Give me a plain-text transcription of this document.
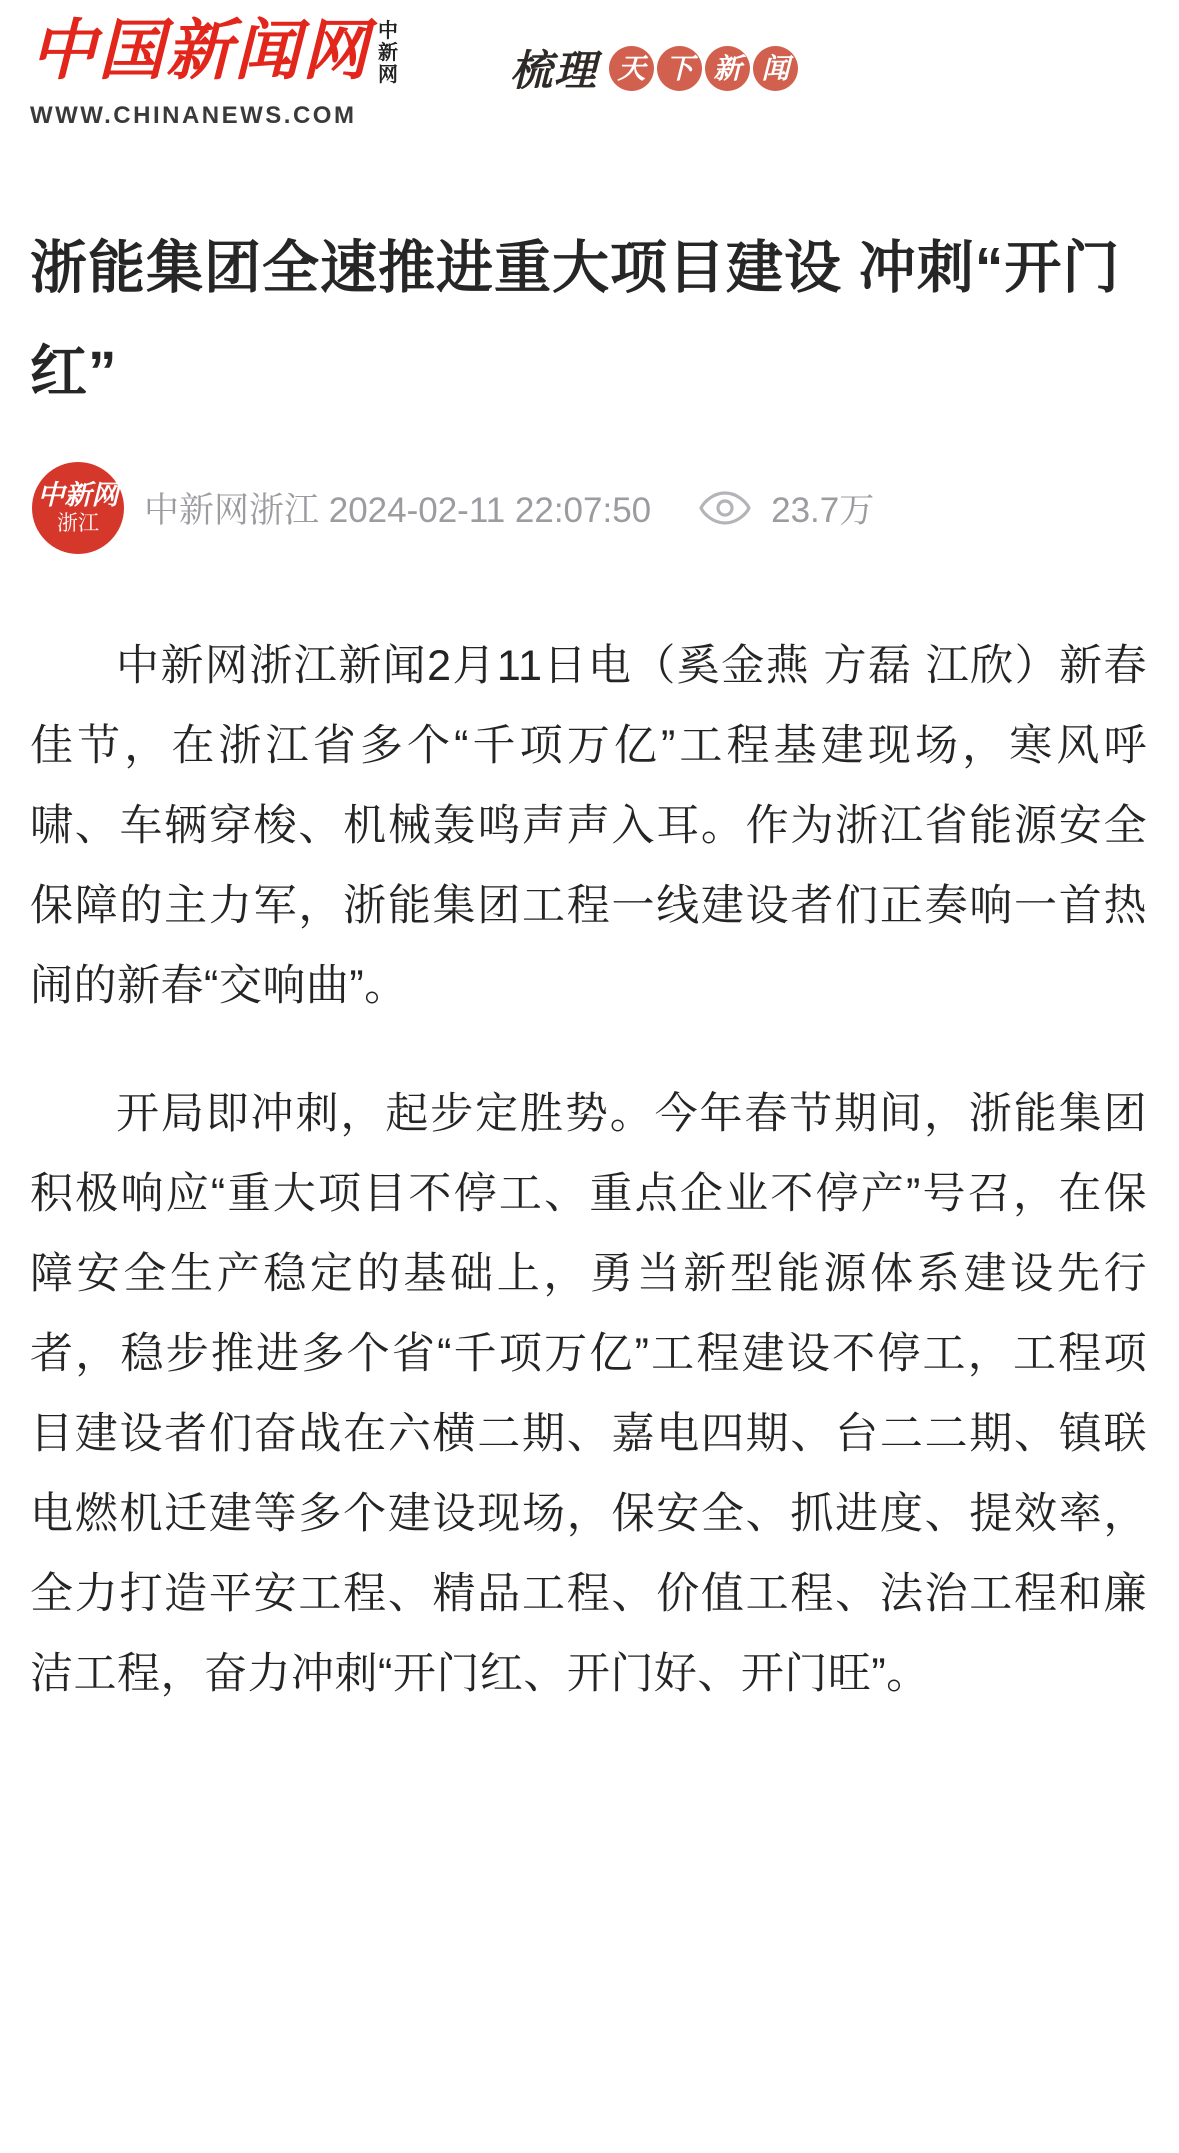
中国新闻网 中新网	梳理 天 下 新 闻
WWW.CHINANEWS.COM
浙能集团全速推进重大项目建设 冲刺“开门红”
中新网
浙江 中新网浙江 2024-02-11 22:07:50	23.7万

中新网浙江新闻2月11日电（奚金燕 方磊 江欣）新春佳节，在浙江省多个“千项万亿”工程基建现场，寒风呼啸、车辆穿梭、机械轰鸣声声入耳。作为浙江省能源安全保障的主力军，浙能集团工程一线建设者们正奏响一首热闹的新春“交响曲”。

开局即冲刺，起步定胜势。今年春节期间，浙能集团积极响应“重大项目不停工、重点企业不停产”号召，在保障安全生产稳定的基础上，勇当新型能源体系建设先行者，稳步推进多个省“千项万亿”工程建设不停工，工程项目建设者们奋战在六横二期、嘉电四期、台二二期、镇联电燃机迁建等多个建设现场，保安全、抓进度、提效率，全力打造平安工程、精品工程、价值工程、法治工程和廉洁工程，奋力冲刺“开门红、开门好、开门旺”。
